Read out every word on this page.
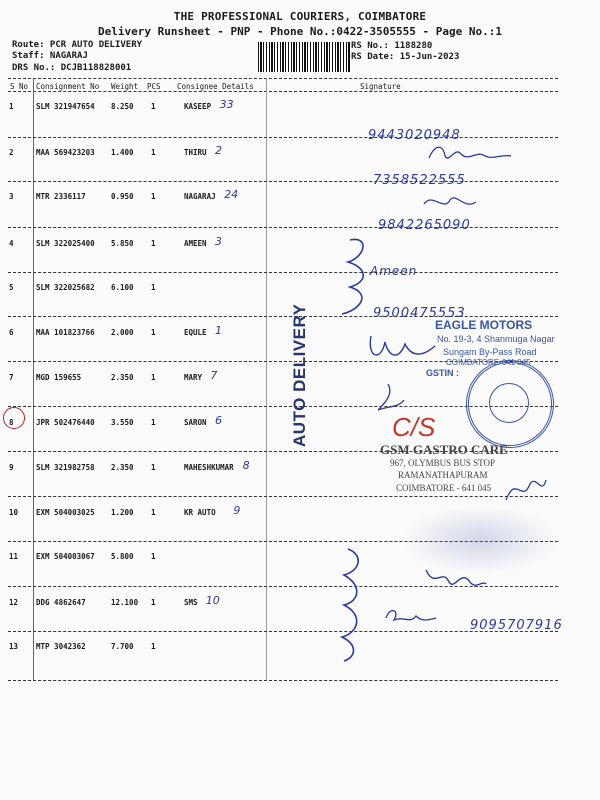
THE PROFESSIONAL COURIERS, COIMBATORE
Delivery Runsheet - PNP - Phone No.:0422-3505555 - Page No.:1
Route: PCR AUTO DELIVERY
Staff: NAGARAJ
DRS No.: DCJB118828001
RS No.: 1188280
RS Date: 15-Jun-2023
S No Consignment No Weight PCS Consignee Details	Signature
1	SLM 321947654 8.250 1	KASEEP 33
9443020948
2	MAA 569423203 1.400 1	THIRU 2
7358522555
3	MTR 2336117	0.950 1	NAGARAJ 24
9842265090
4	SLM 322025400 5.850 1	AMEEN 3
Ameen
5	SLM 322025682 6.100 1
9500475553
6	MAA 101823766 2.000 1	EQULE 1
7	MGD 159655	2.350 1	MARY 7
8	JPR 502476440 3.550 1	SARON 6
9	SLM 321982758 2.350 1	MAHESHKUMAR 8
10 EXM 504003025 1.200 1	KR AUTO 9
11 EXM 504003067 5.800 1
12 DDG 4862647	12.100 1	SMS 10
9095707916
13 MTP 3042362	7.700 1
AUTO DELIVERY	EAGLE MOTORS
No. 19-3, 4 Shanmuga Nagar
Sungam By-Pass Road
COIMBATORE-641 045
GSTIN :
C/S
GSM GASTRO CARE
967, OLYMBUS BUS STOP
RAMANATHAPURAM
COIMBATORE - 641 045
